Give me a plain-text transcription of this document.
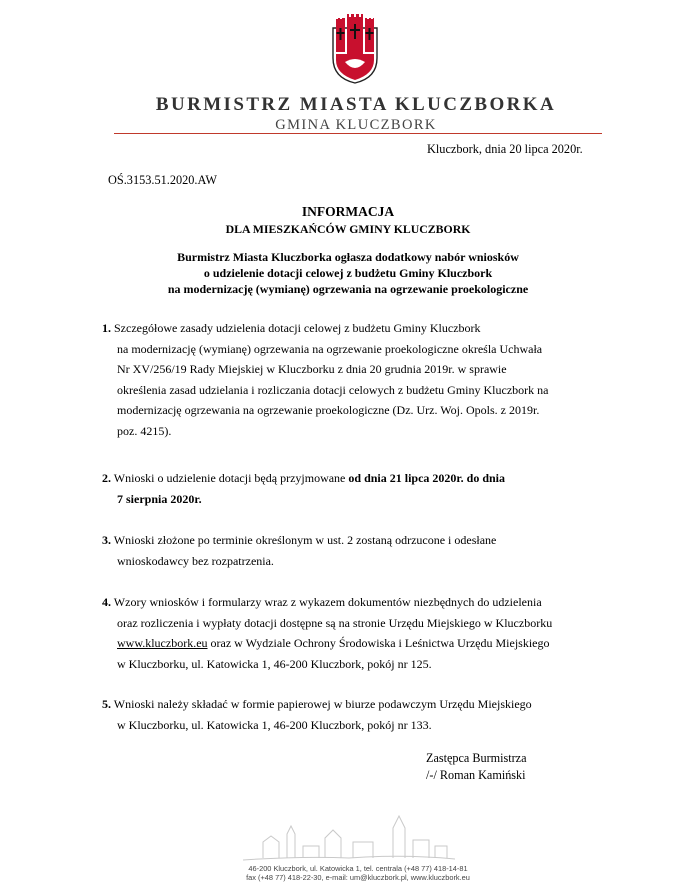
BURMISTRZ MIASTA KLUCZBORKA
GMINA KLUCZBORK
Kluczbork, dnia 20 lipca 2020r.
OŚ.3153.51.2020.AW
INFORMACJA
DLA MIESZKAŃCÓW GMINY KLUCZBORK
Burmistrz Miasta Kluczborka ogłasza dodatkowy nabór wniosków
o udzielenie dotacji celowej z budżetu Gminy Kluczbork
na modernizację (wymianę) ogrzewania na ogrzewanie proekologiczne
1. Szczegółowe zasady udzielenia dotacji celowej z budżetu Gminy Kluczbork
na modernizację (wymianę) ogrzewania na ogrzewanie proekologiczne określa Uchwała
Nr XV/256/19 Rady Miejskiej w Kluczborku z dnia 20 grudnia 2019r. w sprawie
określenia zasad udzielania i rozliczania dotacji celowych z budżetu Gminy Kluczbork na
modernizację ogrzewania na ogrzewanie proekologiczne (Dz. Urz. Woj. Opols. z 2019r.
poz. 4215).
2. Wnioski o udzielenie dotacji będą przyjmowane od dnia 21 lipca 2020r. do dnia
7 sierpnia 2020r.
3. Wnioski złożone po terminie określonym w ust. 2 zostaną odrzucone i odesłane
wnioskodawcy bez rozpatrzenia.
4. Wzory wniosków i formularzy wraz z wykazem dokumentów niezbędnych do udzielenia
oraz rozliczenia i wypłaty dotacji dostępne są na stronie Urzędu Miejskiego w Kluczborku
www.kluczbork.eu oraz w Wydziale Ochrony Środowiska i Leśnictwa Urzędu Miejskiego
w Kluczborku, ul. Katowicka 1, 46-200 Kluczbork, pokój nr 125.
5. Wnioski należy składać w formie papierowej w biurze podawczym Urzędu Miejskiego
w Kluczborku, ul. Katowicka 1, 46-200 Kluczbork, pokój nr 133.
Zastępca Burmistrza
/-/ Roman Kamiński
46-200 Kluczbork, ul. Katowicka 1, tel. centrala (+48 77) 418-14-81
fax (+48 77) 418-22-30, e-mail: um@kluczbork.pl, www.kluczbork.eu
